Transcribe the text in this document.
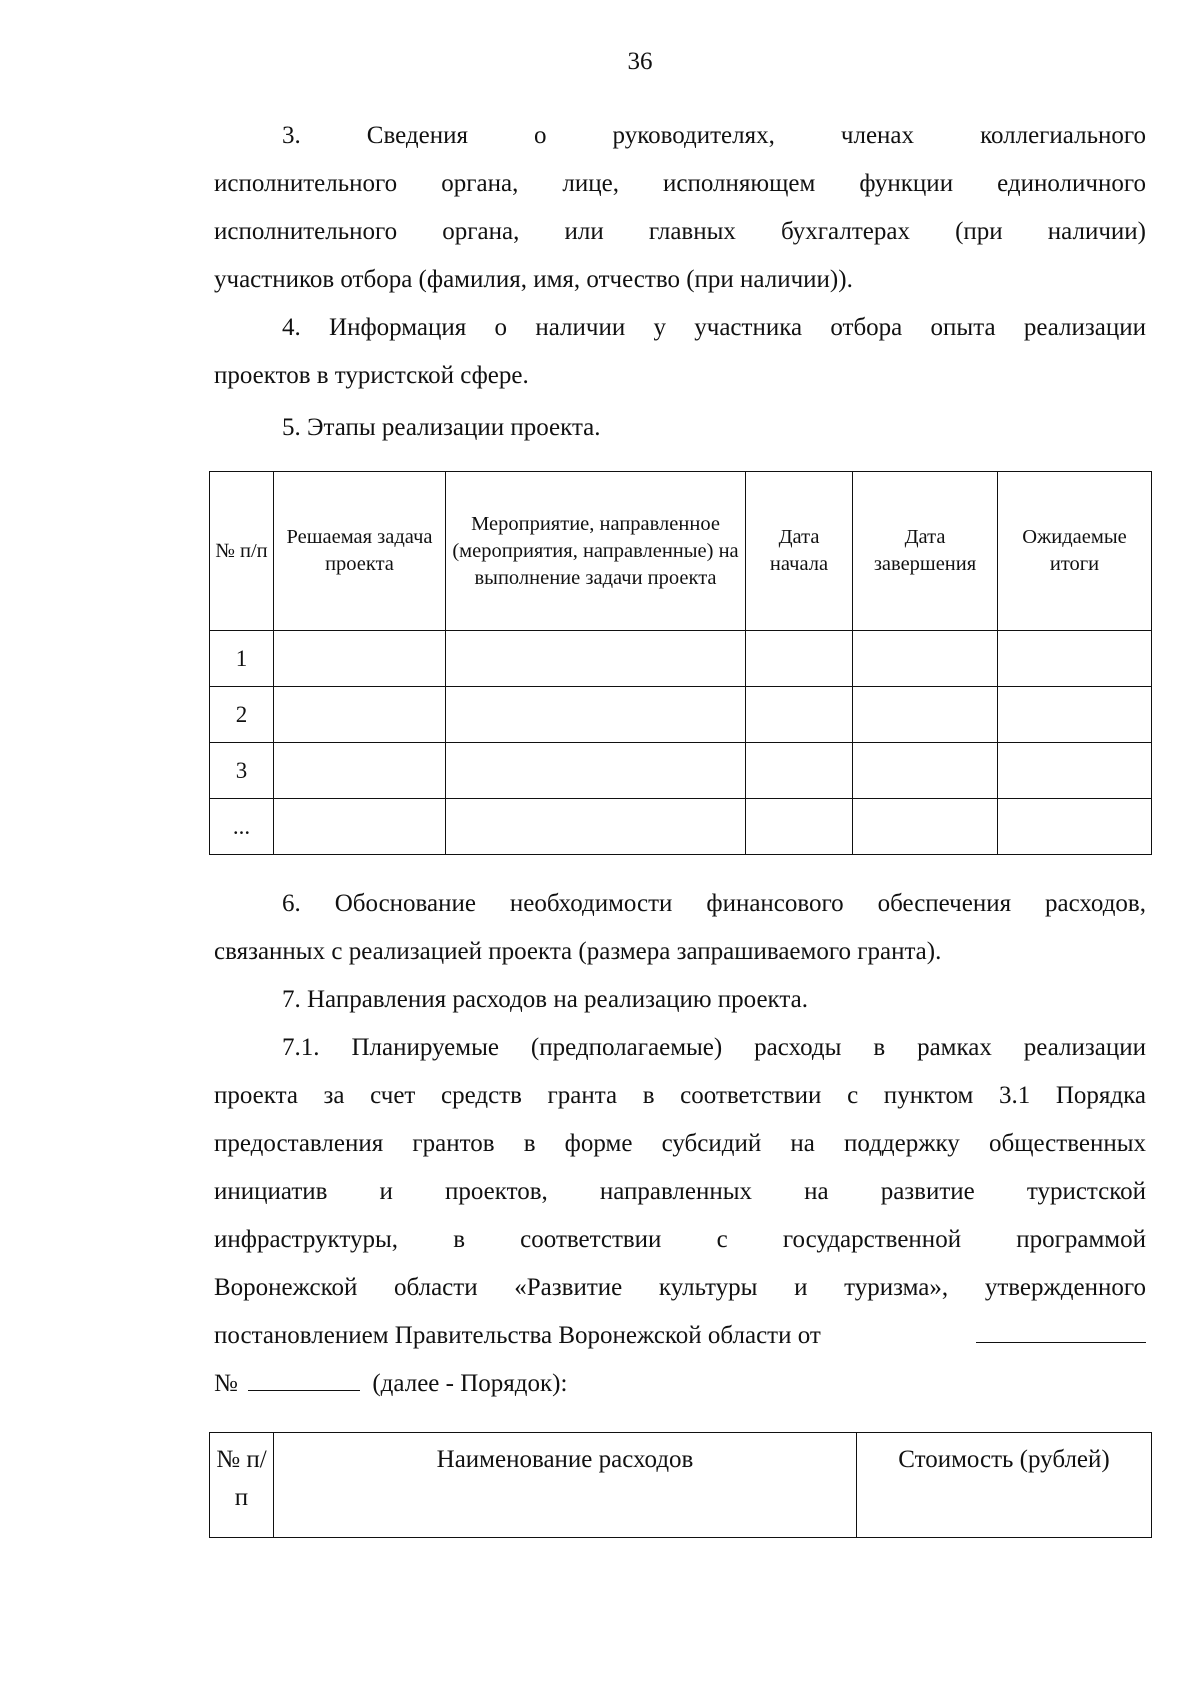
36
3. Сведения о руководителях, членах коллегиального
исполнительного органа, лице, исполняющем функции единоличного
исполнительного органа, или главных бухгалтерах (при наличии)
участников отбора (фамилия, имя, отчество (при наличии)).
4. Информация о наличии у участника отбора опыта реализации
проектов в туристской сфере.
5. Этапы реализации проекта.
№ п/п	Решаемая задача проекта	Мероприятие, направленное (мероприятия, направленные) на выполнение задачи проекта	Дата начала	Дата завершения	Ожидаемые итоги
1					
2					
3					
...					
6. Обоснование необходимости финансового обеспечения расходов,
связанных с реализацией проекта (размера запрашиваемого гранта).
7. Направления расходов на реализацию проекта.
7.1. Планируемые (предполагаемые) расходы в рамках реализации
проекта за счет средств гранта в соответствии с пунктом 3.1 Порядка
предоставления грантов в форме субсидий на поддержку общественных
инициатив и проектов, направленных на развитие туристской
инфраструктуры, в соответствии с государственной программой
Воронежской области «Развитие культуры и туризма», утвержденного
постановлением Правительства Воронежской области от
№	(далее - Порядок):
№ п/п	Наименование расходов	Стоимость (рублей)
